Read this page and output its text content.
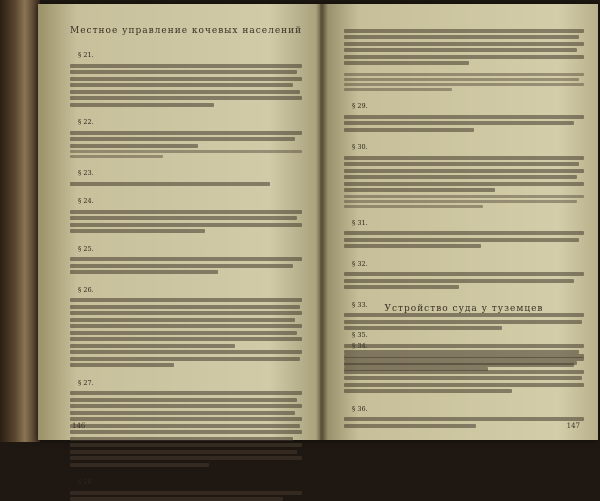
Местное управление кочевых населений
§ 21.
§ 22.
§ 23.
§ 24.
§ 25.
§ 26.
§ 27.
§ 28.
146
§ 29.
§ 30.
§ 31.
§ 32.
§ 33.	Устройство суда у туземцев
§ 35.
§ 36.
147
